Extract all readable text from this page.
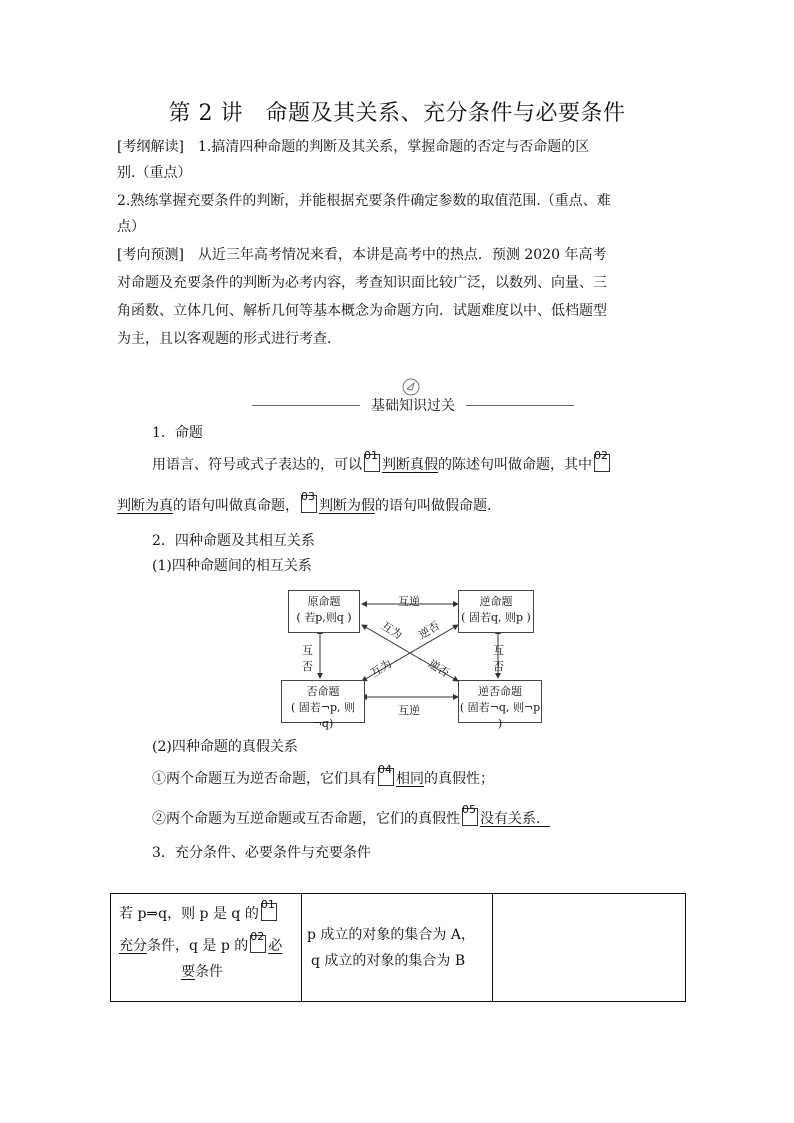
第 2 讲　命题及其关系、充分条件与必要条件
[考纲解读]　1.搞清四种命题的判断及其关系，掌握命题的否定与否命题的区
别.（重点）
2.熟练掌握充要条件的判断，并能根据充要条件确定参数的取值范围.（重点、难
点）
[考向预测]　从近三年高考情况来看，本讲是高考中的热点．预测 2020 年高考
对命题及充要条件的判断为必考内容，考查知识面比较广泛，以数列、向量、三
角函数、立体几何、解析几何等基本概念为命题方向．试题难度以中、低档题型
为主，且以客观题的形式进行考查.
基础知识过关
1．命题
用语言、符号或式子表达的，可以
01
判断真假的陈述句叫做命题，其中
02
判断为真的语句叫做真命题，
03
判断为假的语句叫做假命题.
2．四种命题及其相互关系
(1)四种命题间的相互关系
原命题
( 若p,则q )
逆命题
( 固若q, 则p )
否命题
( 固若¬p, 则¬q)
逆否命题
( 固若¬q, 则¬p )
互逆
互逆
互
否
互
否
互为 逆否
互为	逆否
(2)四种命题的真假关系
①两个命题互为逆否命题，它们具有
04
相同的真假性；
②两个命题为互逆命题或互否命题，它们的真假性
05
没有关系．
3．充分条件、必要条件与充要条件
若 p⇒q，则 p 是 q 的
01
充分条件，q 是 p 的
02
必
要条件
p 成立的对象的集合为 A，
q 成立的对象的集合为 B
